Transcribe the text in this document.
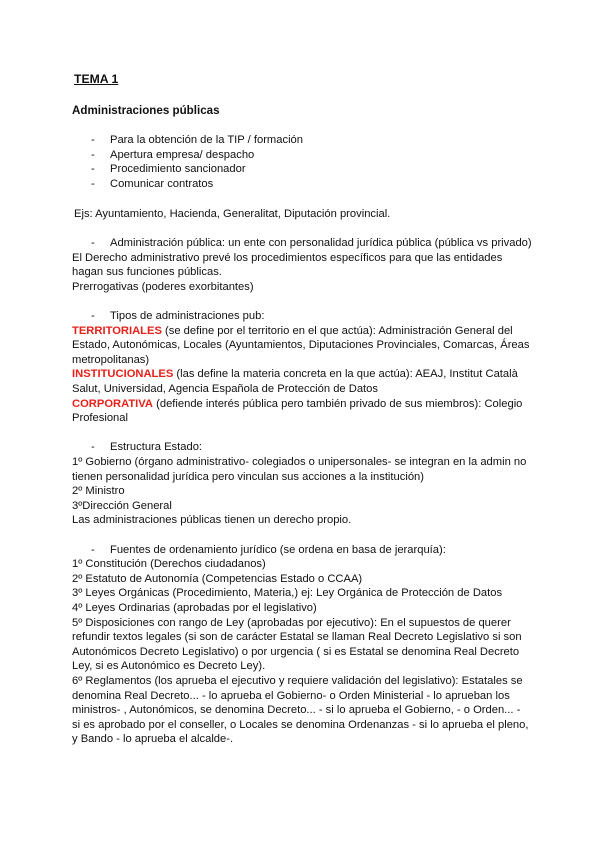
TEMA 1
Administraciones públicas
- Para la obtención de la TIP / formación
- Apertura empresa/ despacho
- Procedimiento sancionador
- Comunicar contratos
Ejs: Ayuntamiento, Hacienda, Generalitat, Diputación provincial.
- Administración pública: un ente con personalidad jurídica pública (pública vs privado)
El Derecho administrativo prevé los procedimientos específicos para que las entidades
hagan sus funciones públicas.
Prerrogativas (poderes exorbitantes)
- Tipos de administraciones pub:
TERRITORIALES (se define por el territorio en el que actúa): Administración General del
Estado, Autonómicas, Locales (Ayuntamientos, Diputaciones Provinciales, Comarcas, Áreas
metropolitanas)
INSTITUCIONALES (las define la materia concreta en la que actúa): AEAJ, Institut Català
Salut, Universidad, Agencia Española de Protección de Datos
CORPORATIVA (defiende interés pública pero también privado de sus miembros): Colegio
Profesional
- Estructura Estado:
1º Gobierno (órgano administrativo- colegiados o unipersonales- se integran en la admin no
tienen personalidad jurídica pero vinculan sus acciones a la institución)
2º Ministro
3ºDirección General
Las administraciones públicas tienen un derecho propio.
- Fuentes de ordenamiento jurídico (se ordena en basa de jerarquía):
1º Constitución (Derechos ciudadanos)
2º Estatuto de Autonomía (Competencias Estado o CCAA)
3º Leyes Orgánicas (Procedimiento, Materia,) ej: Ley Orgánica de Protección de Datos
4º Leyes Ordinarias (aprobadas por el legislativo)
5º Disposiciones con rango de Ley (aprobadas por ejecutivo): En el supuestos de querer
refundir textos legales (si son de carácter Estatal se llaman Real Decreto Legislativo si son
Autonómicos Decreto Legislativo) o por urgencia ( si es Estatal se denomina Real Decreto
Ley, si es Autonómico es Decreto Ley).
6º Reglamentos (los aprueba el ejecutivo y requiere validación del legislativo): Estatales se
denomina Real Decreto... - lo aprueba el Gobierno- o Orden Ministerial - lo aprueban los
ministros- , Autonómicos, se denomina Decreto... - si lo aprueba el Gobierno, - o Orden... -
si es aprobado por el conseller, o Locales se denomina Ordenanzas - si lo aprueba el pleno,
y Bando - lo aprueba el alcalde-.
